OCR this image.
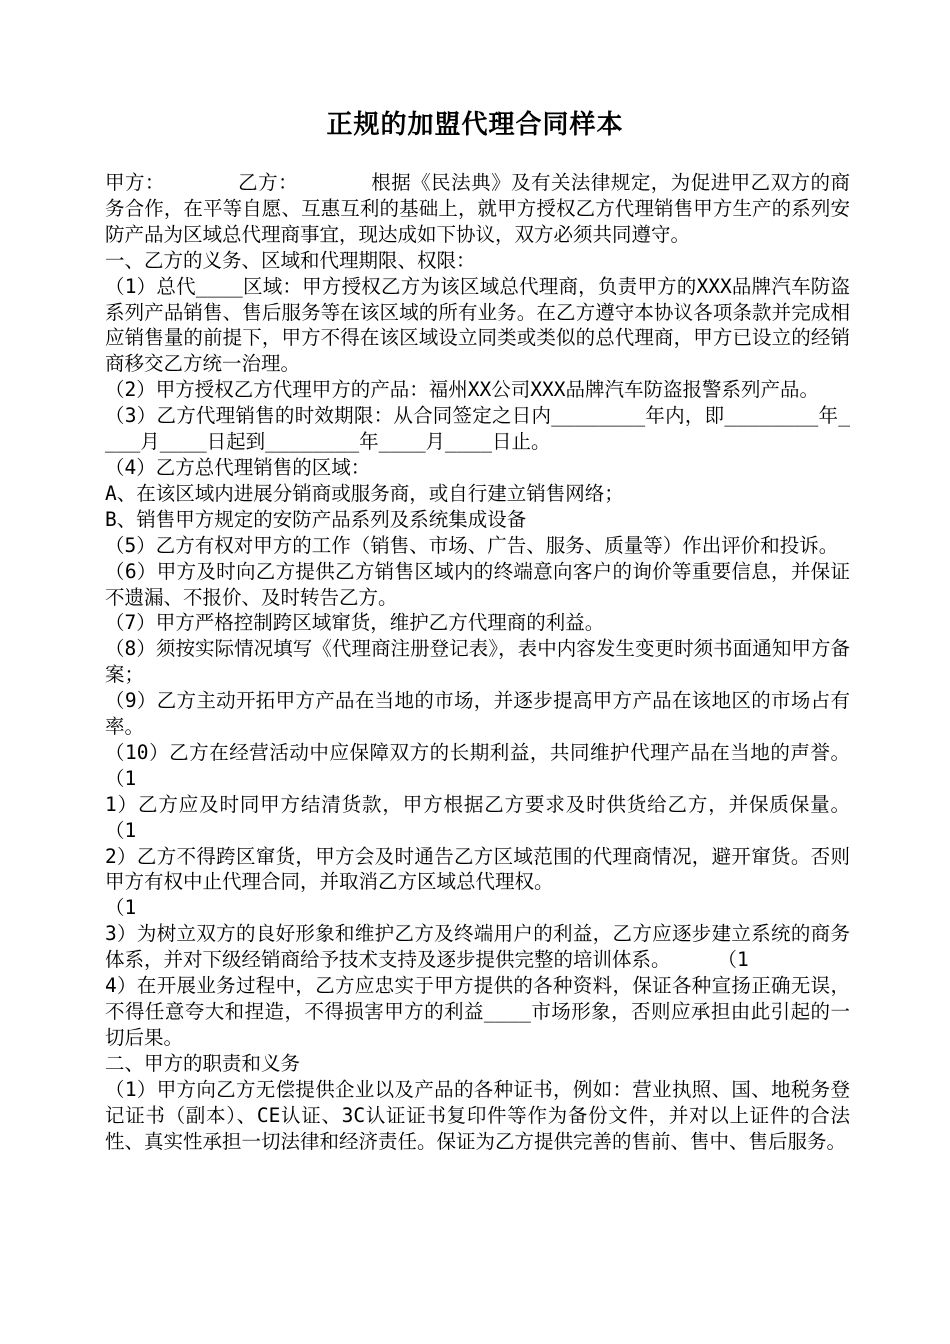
正规的加盟代理合同样本

甲方：      乙方：      根据《民法典》及有关法律规定，为促进甲乙双方的商务合作，在平等自愿、互惠互利的基础上，就甲方授权乙方代理销售甲方生产的系列安防产品为区域总代理商事宜，现达成如下协议，双方必须共同遵守。

一、乙方的义务、区域和代理期限、权限：

（1）总代____区域：甲方授权乙方为该区域总代理商，负责甲方的XXX品牌汽车防盗系列产品销售、售后服务等在该区域的所有业务。在乙方遵守本协议各项条款并完成相应销售量的前提下，甲方不得在该区域设立同类或类似的总代理商，甲方已设立的经销商移交乙方统一治理。

（2）甲方授权乙方代理甲方的产品：福州XX公司XXX品牌汽车防盗报警系列产品。

（3）乙方代理销售的时效期限：从合同签定之日内________年内，即________年____月____日起到________年____月____日止。

（4）乙方总代理销售的区域：

A、在该区域内进展分销商或服务商，或自行建立销售网络；

B、销售甲方规定的安防产品系列及系统集成设备

（5）乙方有权对甲方的工作（销售、市场、广告、服务、质量等）作出评价和投诉。

（6）甲方及时向乙方提供乙方销售区域内的终端意向客户的询价等重要信息，并保证不遗漏、不报价、及时转告乙方。

（7）甲方严格控制跨区域窜货，维护乙方代理商的利益。

（8）须按实际情况填写《代理商注册登记表》，表中内容发生变更时须书面通知甲方备案；

（9）乙方主动开拓甲方产品在当地的市场，并逐步提高甲方产品在该地区的市场占有率。

（10）乙方在经营活动中应保障双方的长期利益，共同维护代理产品在当地的声誉。    （1

1）乙方应及时同甲方结清货款，甲方根据乙方要求及时供货给乙方，并保质保量。    （1

2）乙方不得跨区窜货，甲方会及时通告乙方区域范围的代理商情况，避开窜货。否则甲方有权中止代理合同，并取消乙方区域总代理权。

（1

3）为树立双方的良好形象和维护乙方及终端用户的利益，乙方应逐步建立系统的商务体系，并对下级经销商给予技术支持及逐步提供完整的培训体系。    （1

4）在开展业务过程中，乙方应忠实于甲方提供的各种资料，保证各种宣扬正确无误，不得任意夸大和捏造，不得损害甲方的利益____市场形象，否则应承担由此引起的一切后果。

二、甲方的职责和义务

（1）甲方向乙方无偿提供企业以及产品的各种证书，例如：营业执照、国、地税务登记证书（副本）、CE认证、3C认证证书复印件等作为备份文件，并对以上证件的合法性、真实性承担一切法律和经济责任。保证为乙方提供完善的售前、售中、售后服务。
